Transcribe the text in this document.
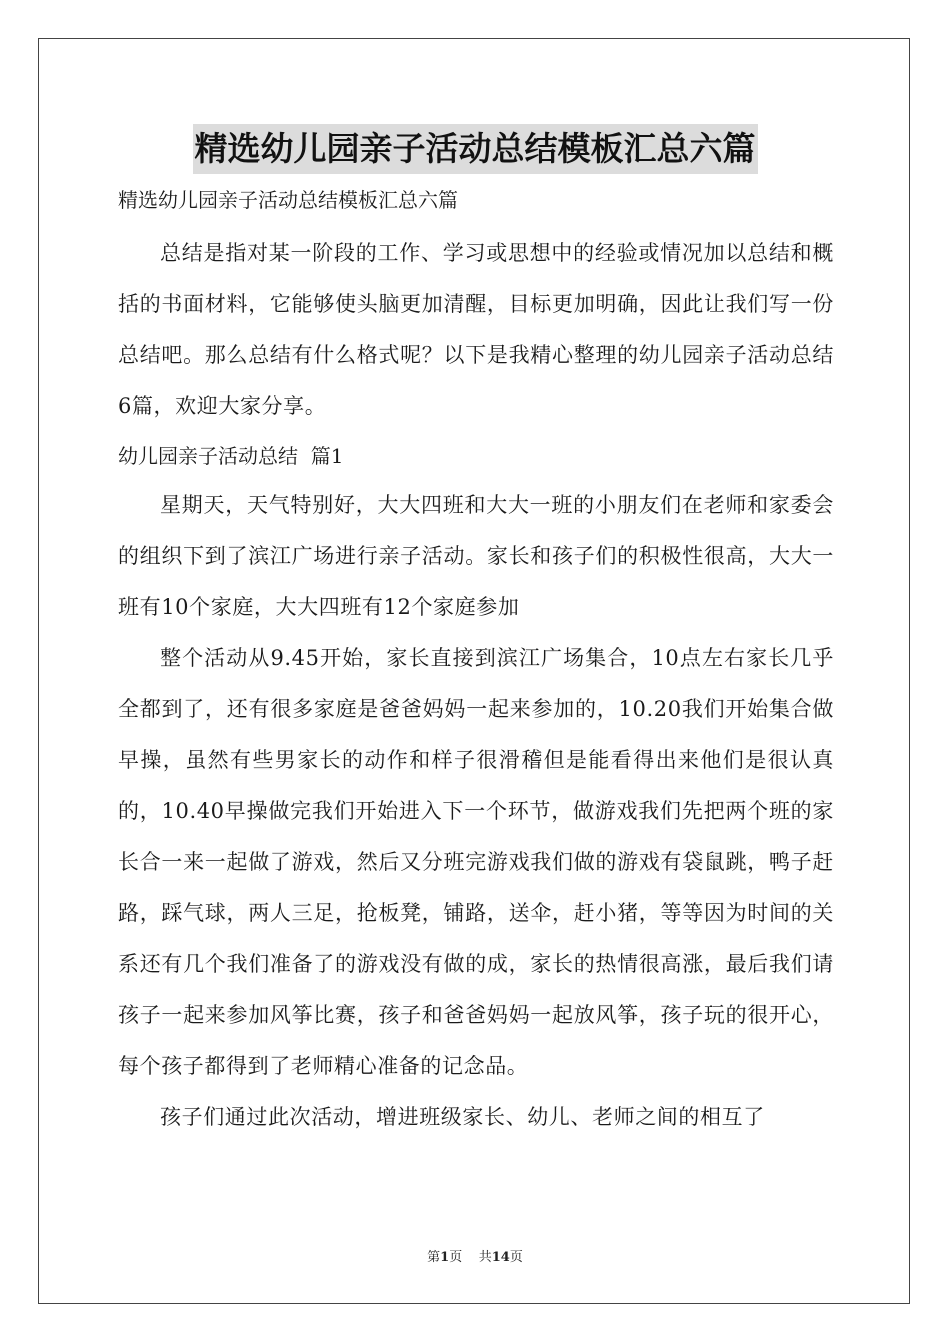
精选幼儿园亲子活动总结模板汇总六篇

精选幼儿园亲子活动总结模板汇总六篇

总结是指对某一阶段的工作、学习或思想中的经验或情况加以总结和概括的书面材料，它能够使头脑更加清醒，目标更加明确，因此让我们写一份总结吧。那么总结有什么格式呢？以下是我精心整理的幼儿园亲子活动总结6篇，欢迎大家分享。

幼儿园亲子活动总结  篇1

星期天，天气特别好，大大四班和大大一班的小朋友们在老师和家委会的组织下到了滨江广场进行亲子活动。家长和孩子们的积极性很高，大大一班有10个家庭，大大四班有12个家庭参加

整个活动从9.45开始，家长直接到滨江广场集合，10点左右家长几乎全都到了，还有很多家庭是爸爸妈妈一起来参加的，10.20我们开始集合做早操，虽然有些男家长的动作和样子很滑稽但是能看得出来他们是很认真的，10.40早操做完我们开始进入下一个环节，做游戏我们先把两个班的家长合一来一起做了游戏，然后又分班完游戏我们做的游戏有袋鼠跳，鸭子赶路，踩气球，两人三足，抢板凳，铺路，送伞，赶小猪，等等因为时间的关系还有几个我们准备了的游戏没有做的成，家长的热情很高涨，最后我们请孩子一起来参加风筝比赛，孩子和爸爸妈妈一起放风筝，孩子玩的很开心，每个孩子都得到了老师精心准备的记念品。

孩子们通过此次活动，增进班级家长、幼儿、老师之间的相互了

第1页 共14页
